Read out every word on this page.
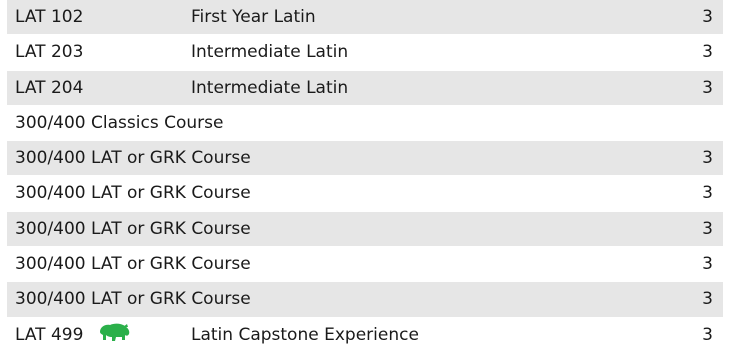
LAT 102	First Year Latin	3
LAT 203	Intermediate Latin	3
LAT 204	Intermediate Latin	3
300/400 Classics Course
300/400 LAT or GRK Course	3
300/400 LAT or GRK Course	3
300/400 LAT or GRK Course	3
300/400 LAT or GRK Course	3
300/400 LAT or GRK Course	3
LAT 499	Latin Capstone Experience	3
